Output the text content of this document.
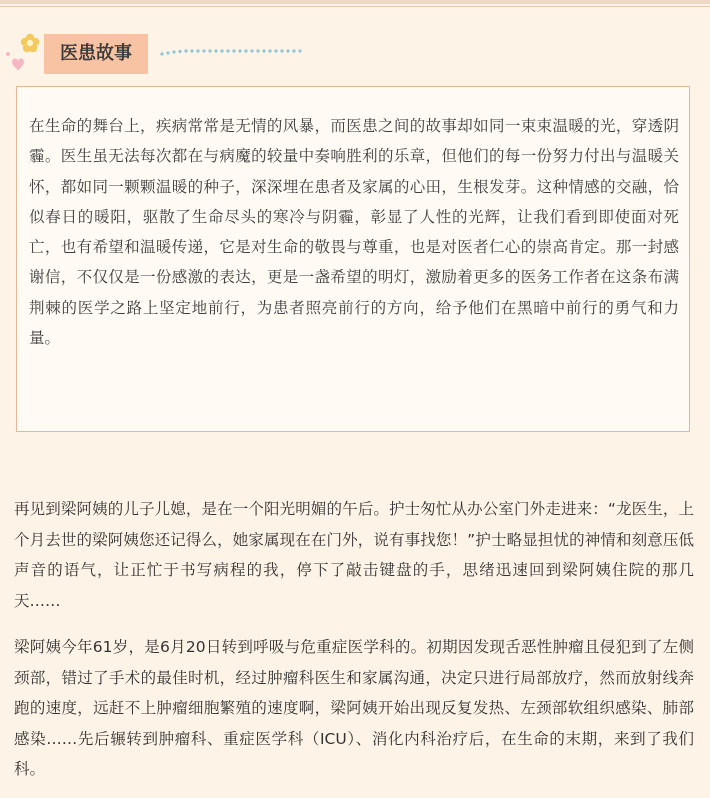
医患故事

在生命的舞台上，疾病常常是无情的风暴，而医患之间的故事却如同一束束温暖的光，穿透阴霾。医生虽无法每次都在与病魔的较量中奏响胜利的乐章，但他们的每一份努力付出与温暖关怀，都如同一颗颗温暖的种子，深深埋在患者及家属的心田，生根发芽。这种情感的交融，恰似春日的暖阳，驱散了生命尽头的寒冷与阴霾，彰显了人性的光辉，让我们看到即使面对死亡，也有希望和温暖传递，它是对生命的敬畏与尊重，也是对医者仁心的崇高肯定。那一封感谢信，不仅仅是一份感激的表达，更是一盏希望的明灯，激励着更多的医务工作者在这条布满荆棘的医学之路上坚定地前行，为患者照亮前行的方向，给予他们在黑暗中前行的勇气和力量。

再见到梁阿姨的儿子儿媳，是在一个阳光明媚的午后。护士匆忙从办公室门外走进来：“龙医生，上个月去世的梁阿姨您还记得么，她家属现在在门外，说有事找您！”护士略显担忧的神情和刻意压低声音的语气，让正忙于书写病程的我，停下了敲击键盘的手，思绪迅速回到梁阿姨住院的那几天……

梁阿姨今年61岁，是6月20日转到呼吸与危重症医学科的。初期因发现舌恶性肿瘤且侵犯到了左侧颈部，错过了手术的最佳时机，经过肿瘤科医生和家属沟通，决定只进行局部放疗，然而放射线奔跑的速度，远赶不上肿瘤细胞繁殖的速度啊，梁阿姨开始出现反复发热、左颈部软组织感染、肺部感染……先后辗转到肿瘤科、重症医学科（ICU）、消化内科治疗后，在生命的末期，来到了我们科。
